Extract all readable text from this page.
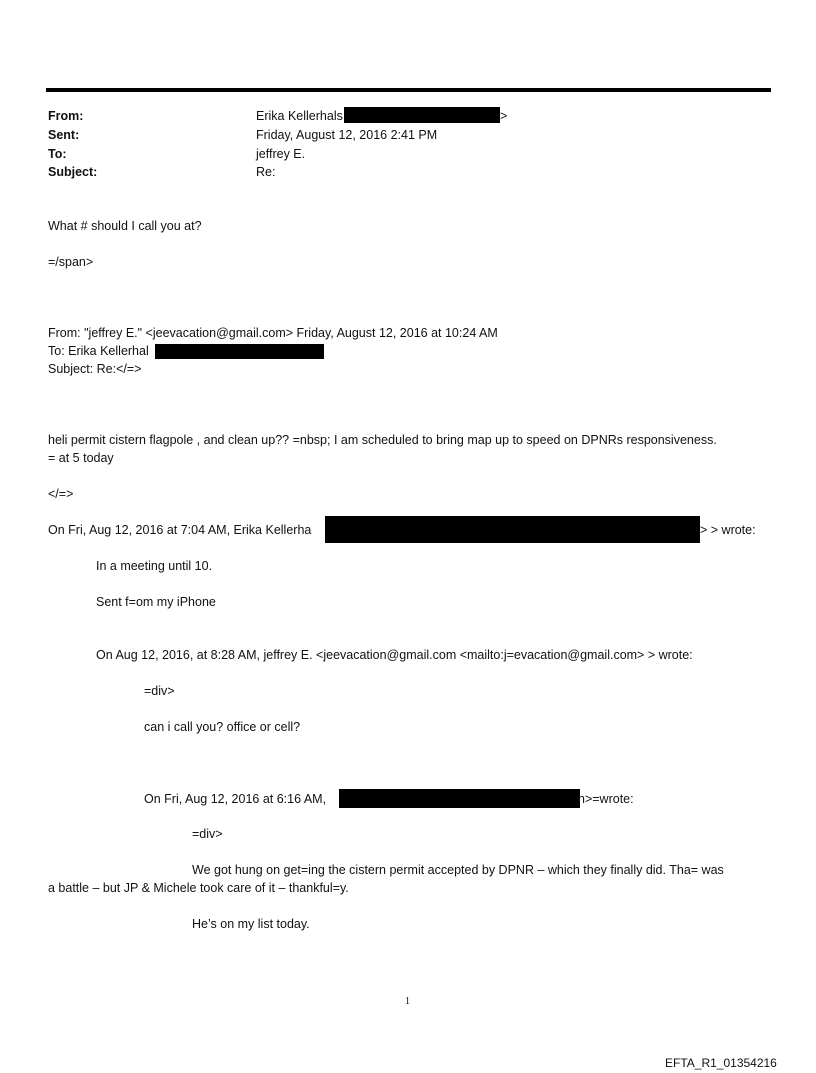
From:	Erika Kellerhals	>
Sent:	Friday, August 12, 2016 2:41 PM
To:	jeffrey E.
Subject:	Re:
What # should I call you at?
=/span>
From: "jeffrey E." <jeevacation@gmail.com> Friday, August 12, 2016 at 10:24 AM
To: Erika Kellerhal
Subject: Re:</=>
heli permit cistern flagpole , and clean up?? =nbsp; I am scheduled to bring map up to speed on DPNRs responsiveness.
= at 5 today
</=>
On Fri, Aug 12, 2016 at 7:04 AM, Erika Kellerha	> > wrote:
In a meeting until 10.
Sent f=om my iPhone
On Aug 12, 2016, at 8:28 AM, jeffrey E. <jeevacation@gmail.com <mailto:j=evacation@gmail.com> > wrote:
=div>
can i call you? office or cell?
On Fri, Aug 12, 2016 at 6:16 AM,	n>=wrote:
=div>
We got hung on get=ing the cistern permit accepted by DPNR – which they finally did. Tha= was
a battle – but JP & Michele took care of it – thankful=y.
He’s on my list today.
1
EFTA_R1_01354216
